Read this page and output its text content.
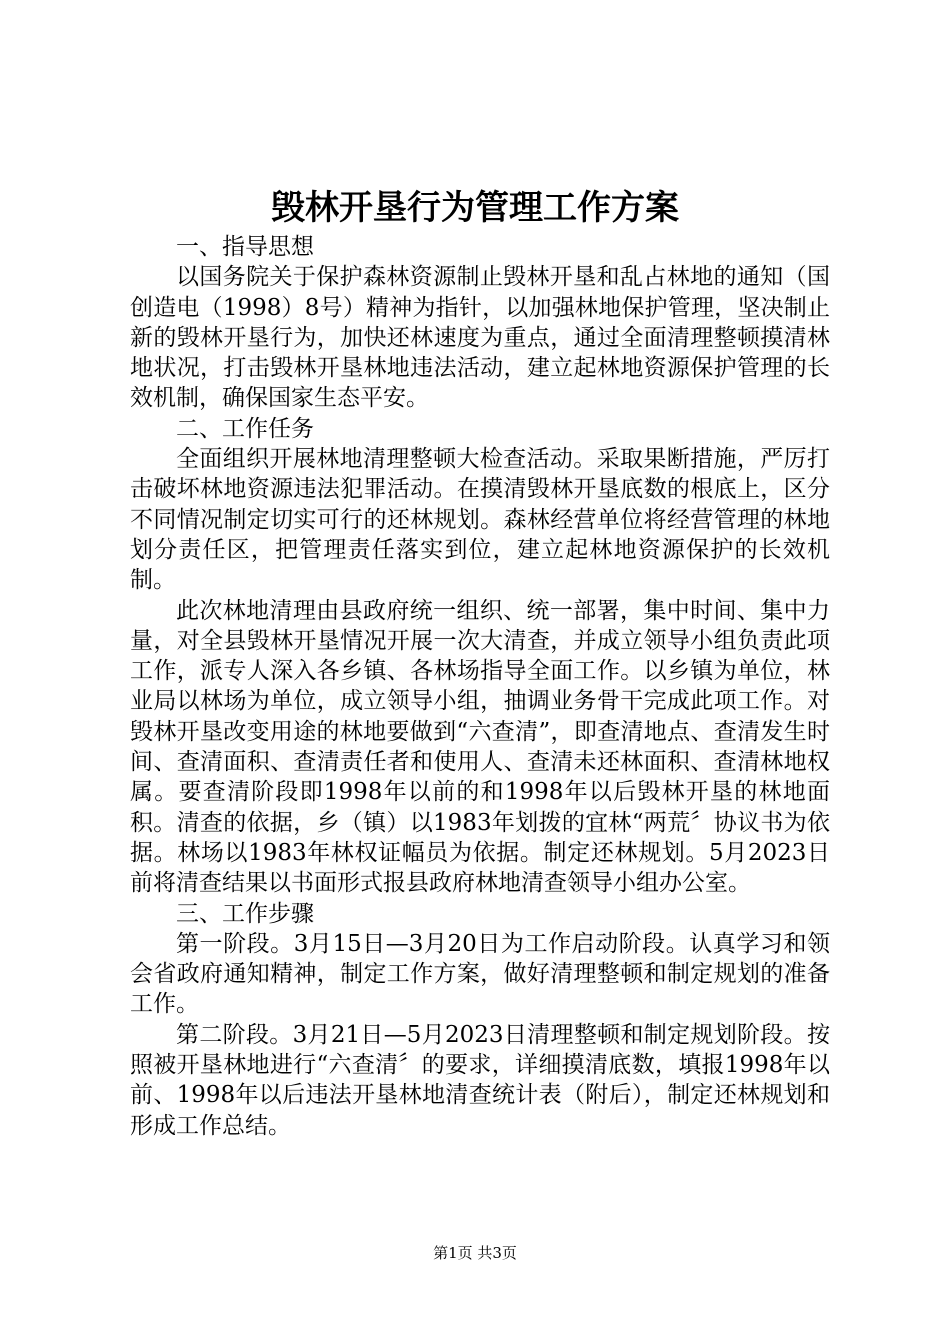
毁林开垦行为管理工作方案

一、指导思想

以国务院关于保护森林资源制止毁林开垦和乱占林地的通知（国创造电（1998）8号）精神为指针，以加强林地保护管理，坚决制止新的毁林开垦行为，加快还林速度为重点，通过全面清理整顿摸清林地状况，打击毁林开垦林地违法活动，建立起林地资源保护管理的长效机制，确保国家生态平安。

二、工作任务

全面组织开展林地清理整顿大检查活动。采取果断措施，严厉打击破坏林地资源违法犯罪活动。在摸清毁林开垦底数的根底上，区分不同情况制定切实可行的还林规划。森林经营单位将经营管理的林地划分责任区，把管理责任落实到位，建立起林地资源保护的长效机制。

此次林地清理由县政府统一组织、统一部署，集中时间、集中力量，对全县毁林开垦情况开展一次大清查，并成立领导小组负责此项工作，派专人深入各乡镇、各林场指导全面工作。以乡镇为单位，林业局以林场为单位，成立领导小组，抽调业务骨干完成此项工作。对毁林开垦改变用途的林地要做到“六查清”，即查清地点、查清发生时间、查清面积、查清责任者和使用人、查清未还林面积、查清林地权属。要查清阶段即1998年以前的和1998年以后毁林开垦的林地面积。清查的依据，乡（镇）以1983年划拨的宜林“两荒〞协议书为依据。林场以1983年林权证幅员为依据。制定还林规划。5月2023日前将清查结果以书面形式报县政府林地清查领导小组办公室。

三、工作步骤

第一阶段。3月15日—3月20日为工作启动阶段。认真学习和领会省政府通知精神，制定工作方案，做好清理整顿和制定规划的准备工作。

第二阶段。3月21日—5月2023日清理整顿和制定规划阶段。按照被开垦林地进行“六查清〞的要求，详细摸清底数，填报1998年以前、1998年以后违法开垦林地清查统计表（附后），制定还林规划和形成工作总结。

第1页 共3页
